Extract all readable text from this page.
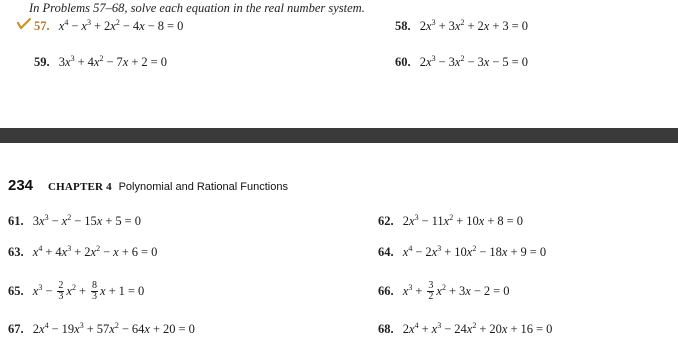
In Problems 57–68, solve each equation in the real number system.
57. $x^4 - x^3 + 2x^2 - 4x - 8 = 0$	58. $2x^3 + 3x^2 + 2x + 3 = 0$
59. $3x^3 + 4x^2 - 7x + 2 = 0$	60. $2x^3 - 3x^2 - 3x - 5 = 0$
234 CHAPTER 4 Polynomial and Rational Functions
61. $3x^3 - x^2 - 15x + 5 = 0$	62. $2x^3 - 11x^2 + 10x + 8 = 0$
63. $x^4 + 4x^3 + 2x^2 - x + 6 = 0$	64. $x^4 - 2x^3 + 10x^2 - 18x + 9 = 0$
65. $x^3 - \frac{2}{3} x^2 + \frac{8}{3}$ x + 1 = 0	66. $x^3 + \frac{3}{2} x^2 + 3x - 2 = 0$
67. $2x^4 - 19x^3 + 57x^2 - 64x + 20 = 0$	68. $2x^4 + x^3 - 24x^2 + 20x + 16 = 0$
